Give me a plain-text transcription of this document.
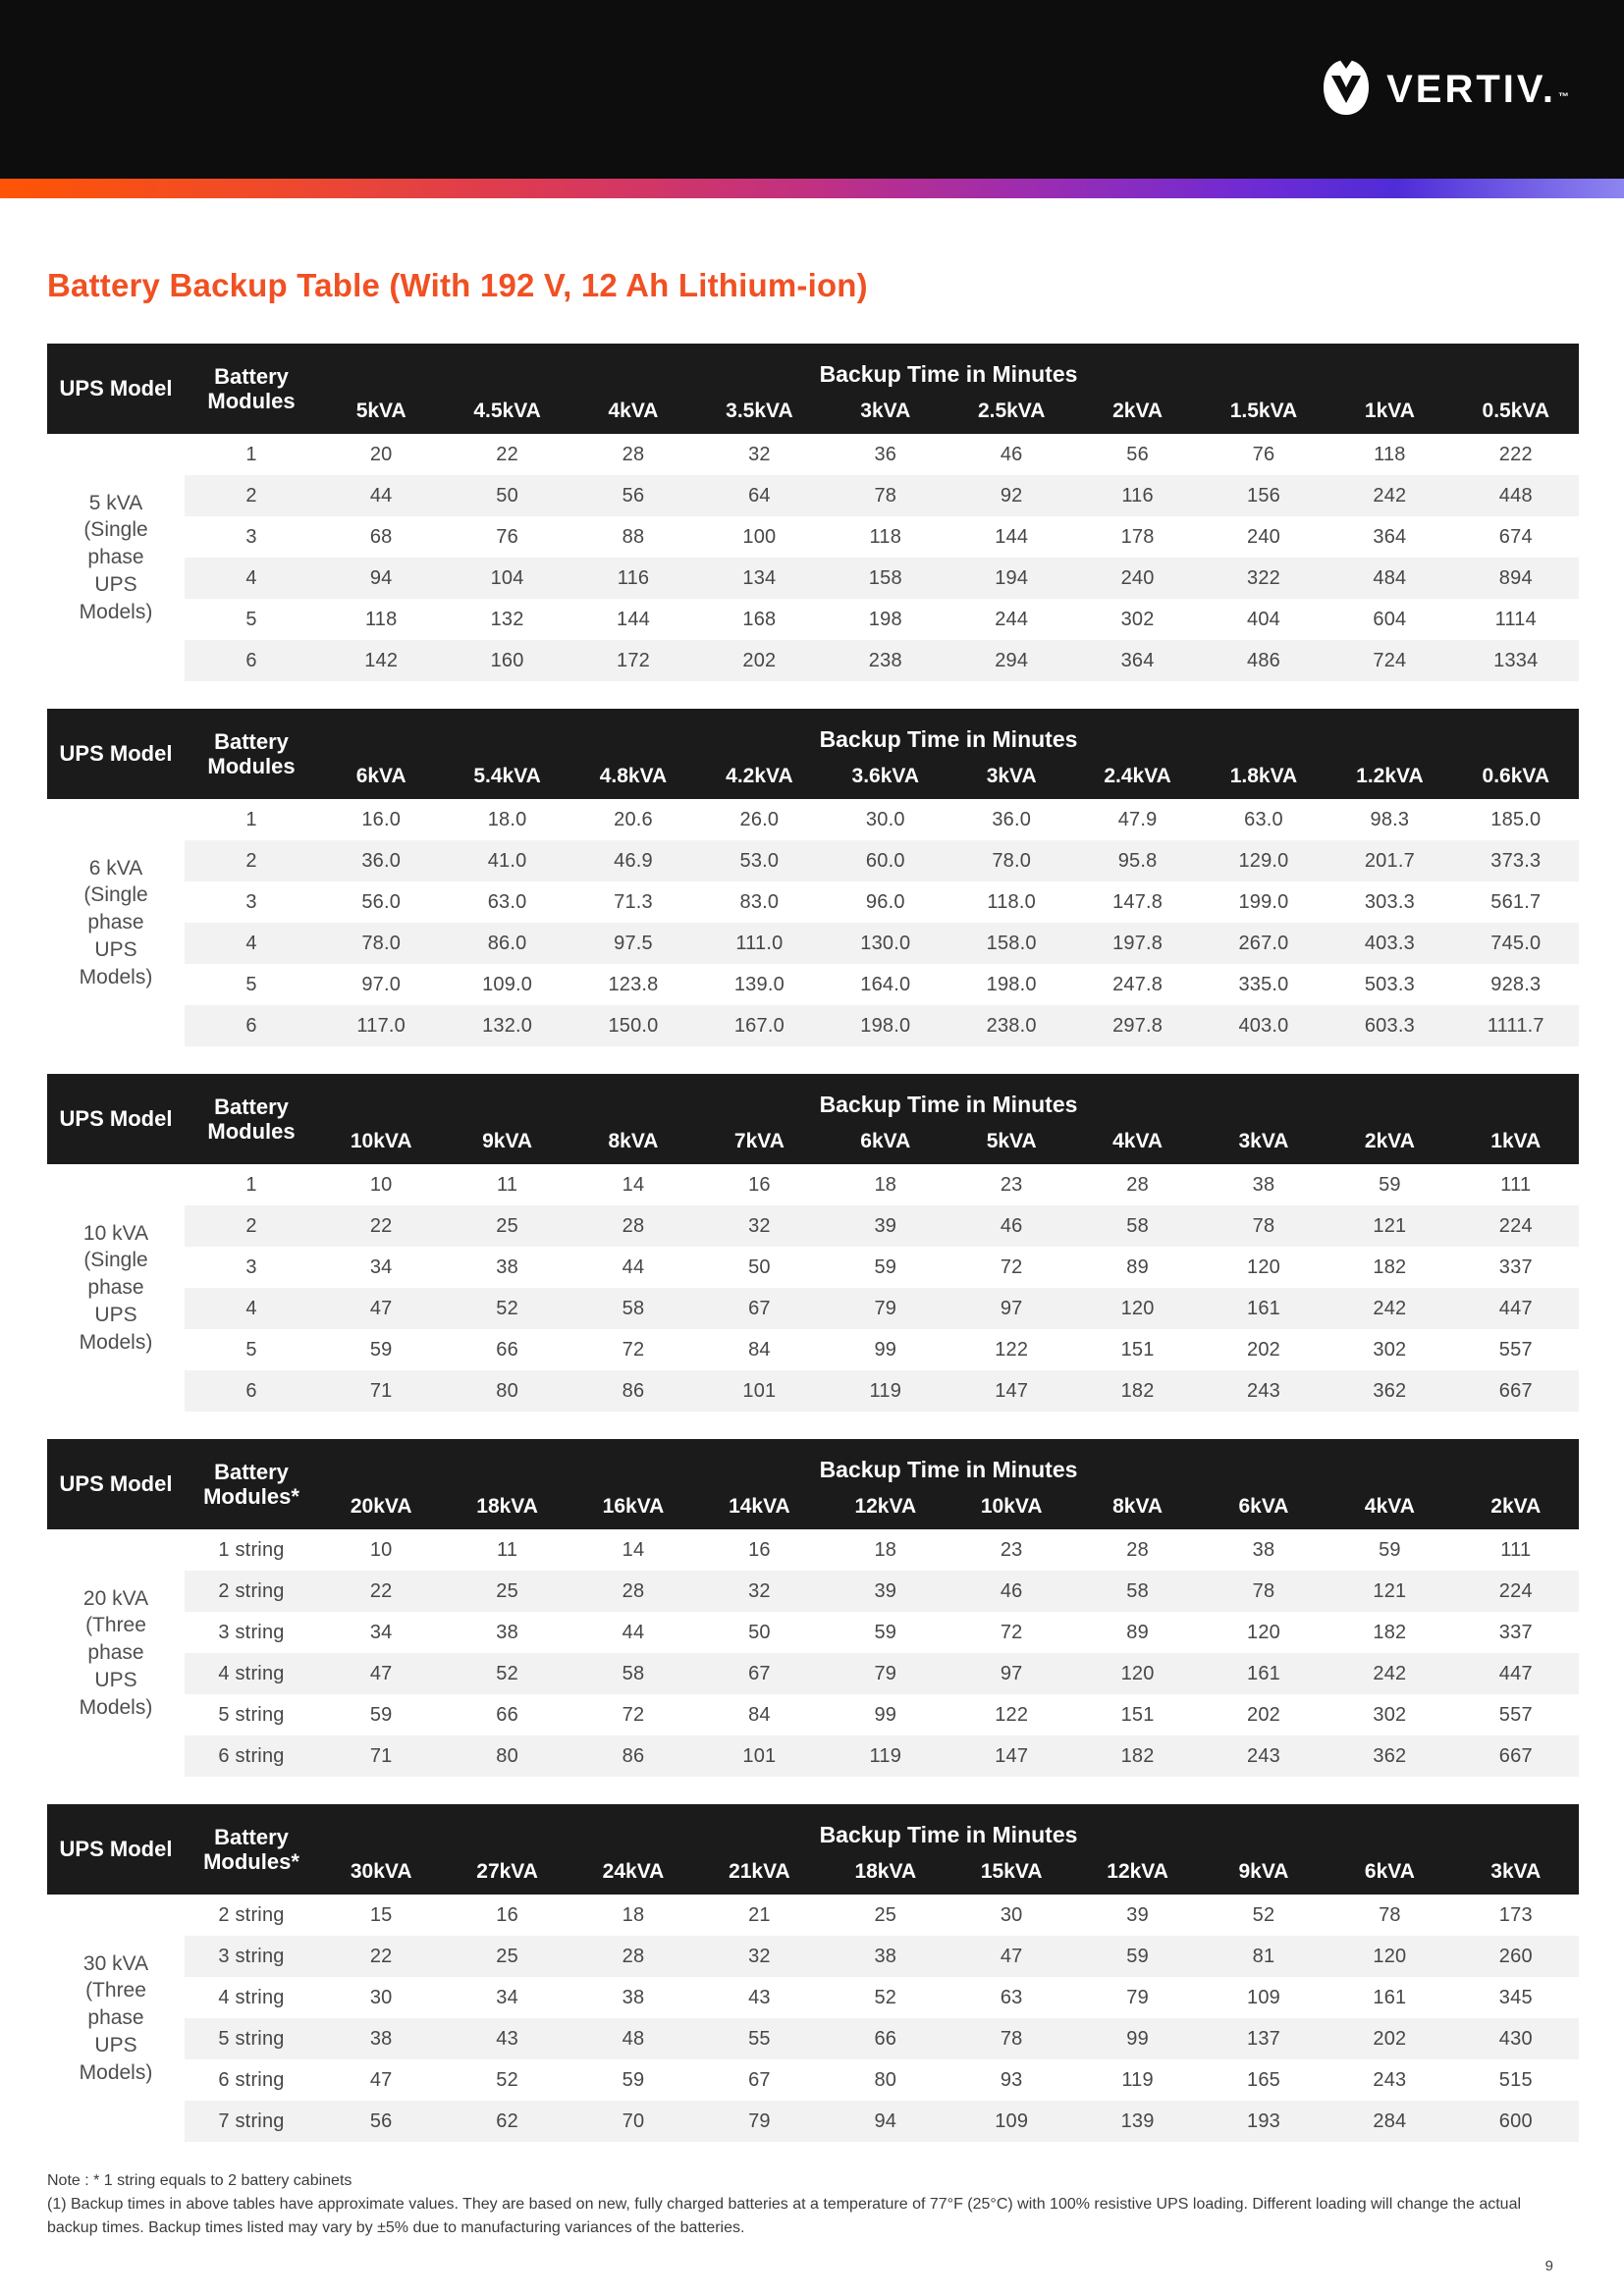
VERTIV. ™
Battery Backup Table (With 192 V, 12 Ah Lithium-ion)
UPS Model
Battery Modules
Backup Time in Minutes
5kVA	4.5kVA	4kVA	3.5kVA	3kVA	2.5kVA	2kVA	1.5kVA	1kVA	0.5kVA
5 kVA (Single phase UPS Models)
1	20	22	28	32	36	46	56	76	118	222
2	44	50	56	64	78	92	116	156	242	448
3	68	76	88	100	118	144	178	240	364	674
4	94	104	116	134	158	194	240	322	484	894
5	118	132	144	168	198	244	302	404	604	1114
6	142	160	172	202	238	294	364	486	724	1334
UPS Model
Battery Modules
Backup Time in Minutes
6kVA	5.4kVA	4.8kVA	4.2kVA	3.6kVA	3kVA	2.4kVA	1.8kVA	1.2kVA	0.6kVA
6 kVA (Single phase UPS Models)
1	16.0	18.0	20.6	26.0	30.0	36.0	47.9	63.0	98.3	185.0
2	36.0	41.0	46.9	53.0	60.0	78.0	95.8	129.0	201.7	373.3
3	56.0	63.0	71.3	83.0	96.0	118.0	147.8	199.0	303.3	561.7
4	78.0	86.0	97.5	111.0	130.0	158.0	197.8	267.0	403.3	745.0
5	97.0	109.0	123.8	139.0	164.0	198.0	247.8	335.0	503.3	928.3
6	117.0	132.0	150.0	167.0	198.0	238.0	297.8	403.0	603.3	1111.7
UPS Model
Battery Modules
Backup Time in Minutes
10kVA	9kVA	8kVA	7kVA	6kVA	5kVA	4kVA	3kVA	2kVA	1kVA
10 kVA (Single phase UPS Models)
1	10	11	14	16	18	23	28	38	59	111
2	22	25	28	32	39	46	58	78	121	224
3	34	38	44	50	59	72	89	120	182	337
4	47	52	58	67	79	97	120	161	242	447
5	59	66	72	84	99	122	151	202	302	557
6	71	80	86	101	119	147	182	243	362	667
UPS Model
Battery Modules*
Backup Time in Minutes
20kVA	18kVA	16kVA	14kVA	12kVA	10kVA	8kVA	6kVA	4kVA	2kVA
20 kVA (Three phase UPS Models)
1 string	10	11	14	16	18	23	28	38	59	111
2 string	22	25	28	32	39	46	58	78	121	224
3 string	34	38	44	50	59	72	89	120	182	337
4 string	47	52	58	67	79	97	120	161	242	447
5 string	59	66	72	84	99	122	151	202	302	557
6 string	71	80	86	101	119	147	182	243	362	667
UPS Model
Battery Modules*
Backup Time in Minutes
30kVA	27kVA	24kVA	21kVA	18kVA	15kVA	12kVA	9kVA	6kVA	3kVA
30 kVA (Three phase UPS Models)
2 string	15	16	18	21	25	30	39	52	78	173
3 string	22	25	28	32	38	47	59	81	120	260
4 string	30	34	38	43	52	63	79	109	161	345
5 string	38	43	48	55	66	78	99	137	202	430
6 string	47	52	59	67	80	93	119	165	243	515
7 string	56	62	70	79	94	109	139	193	284	600

Note : * 1 string equals to 2 battery cabinets

(1) Backup times in above tables have approximate values. They are based on new, fully charged batteries at a temperature of 77°F (25°C) with 100% resistive UPS loading. Different loading will change the actual backup times. Backup times listed may vary by ±5% due to manufacturing variances of the batteries.

9
